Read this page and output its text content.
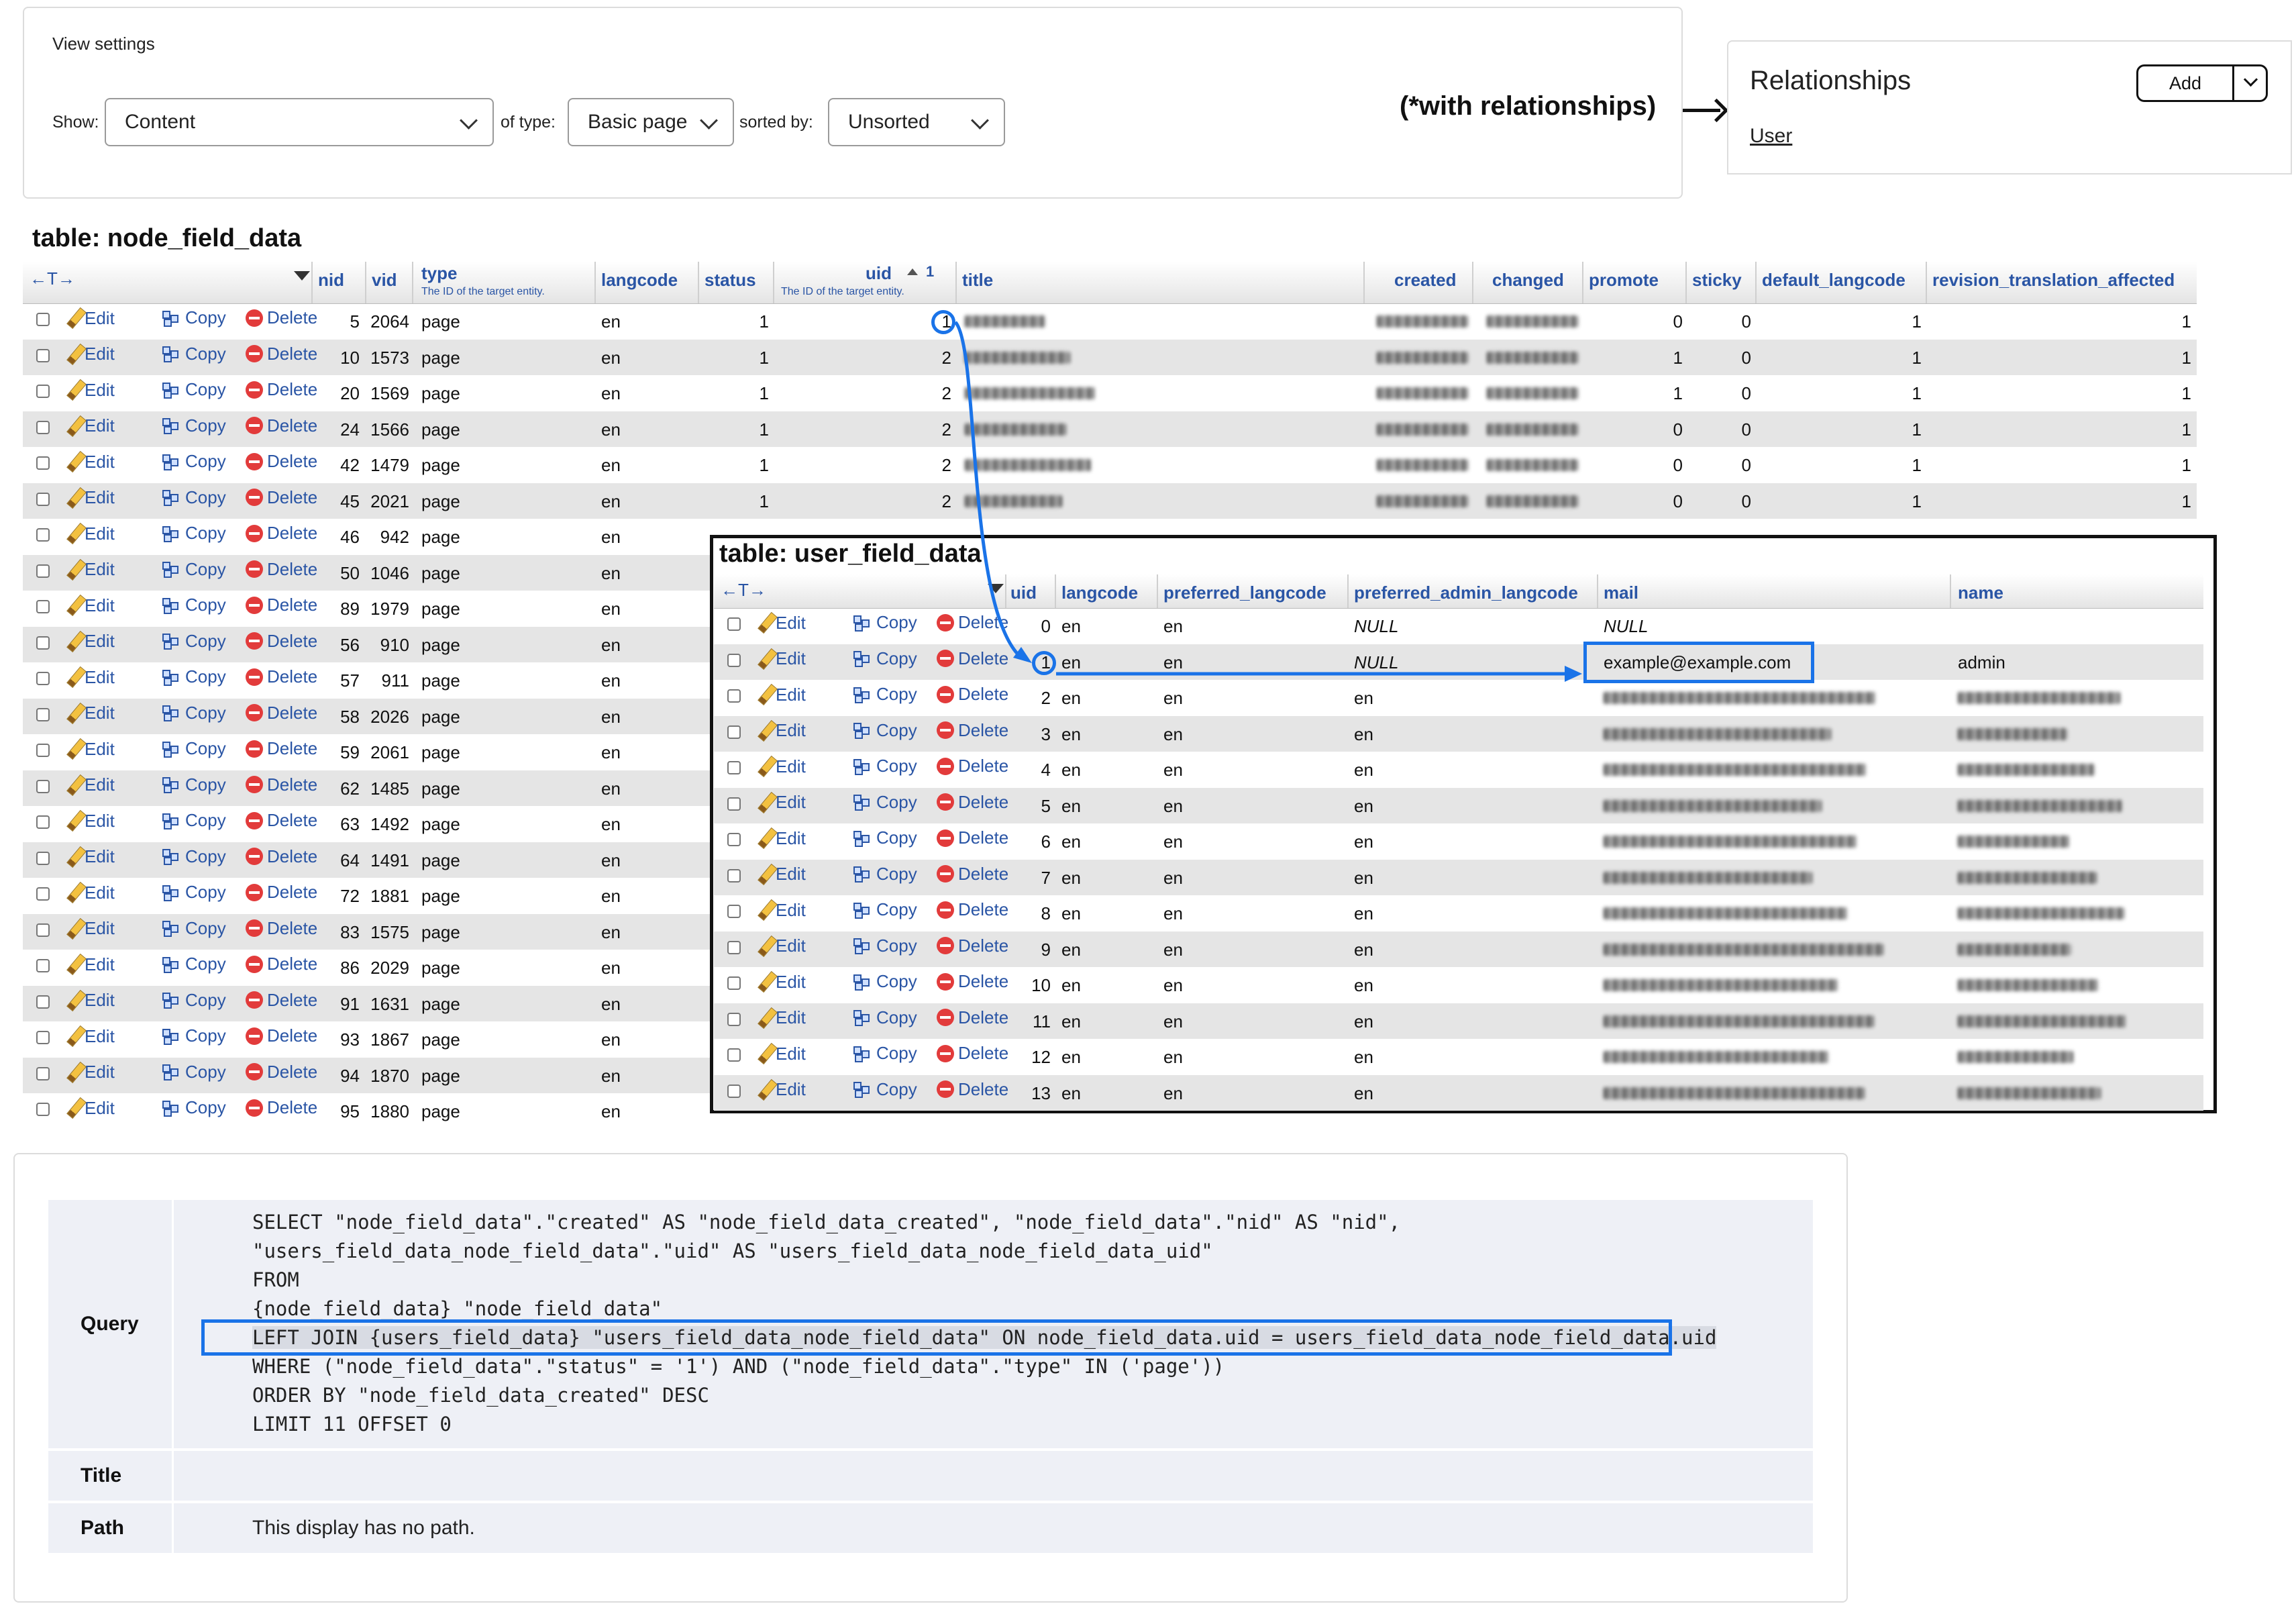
View settings
Show: Content	of type: Basic page	sorted by: Unsorted
(*with relationships)
Relationships	Add
User
table: node_field_data
←T→	nid vid type
The ID of the target entity.
langcode status	uid 1
The ID of the target entity.
title	created changed promote sticky default_langcode revision_translation_affected
Edit	Copy Delete	5 2064 page	en	1	1	0	0	1	1
Edit	Copy Delete	10 1573 page	en	1	2	1	0	1	1
Edit	Copy Delete	20 1569 page	en	1	2	1	0	1	1
Edit	Copy Delete	24 1566 page	en	1	2	0	0	1	1
Edit	Copy Delete	42 1479 page	en	1	2	0	0	1	1
Edit	Copy Delete	45 2021 page	en	1	2	0	0	1	1
Edit	Copy Delete	46	942 page	en
Edit	Copy Delete	50 1046 page	en
Edit	Copy Delete	89 1979 page	en
Edit	Copy Delete	56	910 page	en
Edit	Copy Delete	57	911 page	en
Edit	Copy Delete	58 2026 page	en
Edit	Copy Delete	59 2061 page	en
Edit	Copy Delete	62 1485 page	en
Edit	Copy Delete	63 1492 page	en
Edit	Copy Delete	64 1491 page	en
Edit	Copy Delete	72 1881 page	en
Edit	Copy Delete	83 1575 page	en
Edit	Copy Delete	86 2029 page	en
Edit	Copy Delete	91 1631 page	en
Edit	Copy Delete	93 1867 page	en
Edit	Copy Delete	94 1870 page	en
Edit	Copy Delete	95 1880 page	en
table: user_field_data
←T→	uid langcode preferred_langcode preferred_admin_langcode mail	name
Edit	Copy Delete	0 en	en	NULL	NULL
Edit	Copy Delete	1 en	en	NULL	example@example.com	admin
Edit	Copy Delete	2 en	en	en
Edit	Copy Delete	3 en	en	en
Edit	Copy Delete	4 en	en	en
Edit	Copy Delete	5 en	en	en
Edit	Copy Delete	6 en	en	en
Edit	Copy Delete	7 en	en	en
Edit	Copy Delete	8 en	en	en
Edit	Copy Delete	9 en	en	en
Edit	Copy Delete	10 en	en	en
Edit	Copy Delete	11 en	en	en
Edit	Copy Delete	12 en	en	en
Edit	Copy Delete	13 en	en	en
Query
SELECT "node_field_data"."created" AS "node_field_data_created", "node_field_data"."nid" AS "nid",
"users_field_data_node_field_data"."uid" AS "users_field_data_node_field_data_uid"
FROM
{node_field_data} "node_field_data"
LEFT JOIN {users_field_data} "users_field_data_node_field_data" ON node_field_data.uid = users_field_data_node_field_data.uid
WHERE ("node_field_data"."status" = '1') AND ("node_field_data"."type" IN ('page'))
ORDER BY "node_field_data_created" DESC
LIMIT 11 OFFSET 0
Title
Path	This display has no path.
